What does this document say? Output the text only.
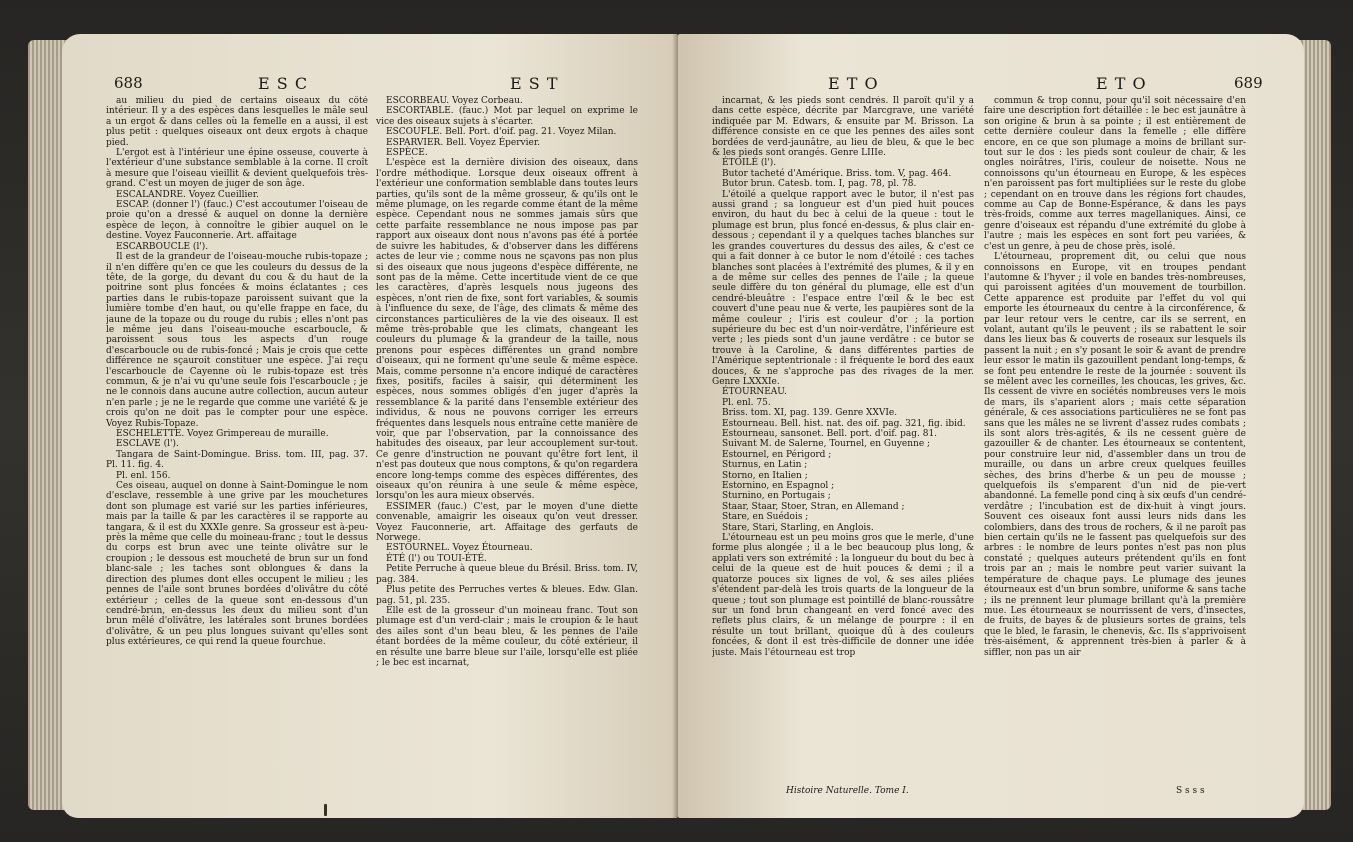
688	E S C	E S T

au milieu du pied de certains oiseaux du côté intérieur. Il y a des espèces dans lesquelles le mâle seul a un ergot & dans celles où la femelle en a aussi, il est plus petit : quelques oiseaux ont deux ergots à chaque pied.

L'ergot est à l'intérieur une épine osseuse, couverte à l'extérieur d'une substance semblable à la corne. Il croît à mesure que l'oiseau vieillit & devient quelquefois très-grand. C'est un moyen de juger de son âge.

ESCALANDRE. Voyez Cueillier.

ESCAP. (donner l') (fauc.) C'est accoutumer l'oiseau de proie qu'on a dressé & auquel on donne la dernière espèce de leçon, à connoître le gibier auquel on le destine. Voyez Fauconnerie. Art. affaitage

ESCARBOUCLE (l').

Il est de la grandeur de l'oiseau-mouche rubis-topaze ; il n'en diffère qu'en ce que les couleurs du dessus de la tête, de la gorge, du devant du cou & du haut de la poitrine sont plus foncées & moins éclatantes ; ces parties dans le rubis-topaze paroissent suivant que la lumière tombe d'en haut, ou qu'elle frappe en face, du jaune de la topaze ou du rouge du rubis ; elles n'ont pas le même jeu dans l'oiseau-mouche escarboucle, & paroissent sous tous les aspects d'un rouge d'escarboucle ou de rubis-foncé ; Mais je crois que cette différence ne sçauroit constituer une espèce. J'ai reçu l'escarboucle de Cayenne où le rubis-topaze est très commun, & je n'ai vu qu'une seule fois l'escarboucle ; je ne le connois dans aucune autre collection, aucun auteur n'en parle ; je ne le regarde que comme une variété & je crois qu'on ne doit pas le compter pour une espèce. Voyez Rubis-Topaze.

ESCHELETTE. Voyez Grimpereau de muraille.

ESCLAVE (l').

Tangara de Saint-Domingue. Briss. tom. III, pag. 37. Pl. 11. fig. 4.

Pl. enl. 156.

Ces oiseau, auquel on donne à Saint-Domingue le nom d'esclave, ressemble à une grive par les mouchetures dont son plumage est varié sur les parties inférieures, mais par la taille & par les caractères il se rapporte au tangara, & il est du XXXIe genre. Sa grosseur est à-peu-près la même que celle du moineau-franc ; tout le dessus du corps est brun avec une teinte olivâtre sur le croupion ; le dessous est moucheté de brun sur un fond blanc-sale ; les taches sont oblongues & dans la direction des plumes dont elles occupent le milieu ; les pennes de l'aile sont brunes bordées d'olivâtre du côté extérieur ; celles de la queue sont en-dessous d'un cendré-brun, en-dessus les deux du milieu sont d'un brun mêlé d'olivâtre, les latérales sont brunes bordées d'olivâtre, & un peu plus longues suivant qu'elles sont plus extérieures, ce qui rend la queue fourchue.

ESCORBEAU. Voyez Corbeau.

ESCORTABLE. (fauc.) Mot par lequel on exprime le vice des oiseaux sujets à s'écarter.

ESCOUFLE. Bell. Port. d'oif. pag. 21. Voyez Milan.

ESPARVIER. Bell. Voyez Épervier.

ESPÈCE.

L'espèce est la dernière division des oiseaux, dans l'ordre méthodique. Lorsque deux oiseaux offrent à l'extérieur une conformation semblable dans toutes leurs parties, qu'ils sont de la même grosseur, & qu'ils ont le même plumage, on les regarde comme étant de la même espèce. Cependant nous ne sommes jamais sûrs que cette parfaite ressemblance ne nous impose pas par rapport aux oiseaux dont nous n'avons pas été à portée de suivre les habitudes, & d'observer dans les différens actes de leur vie ; comme nous ne sçavons pas non plus si des oiseaux que nous jugeons d'espèce différente, ne sont pas de la même. Cette incertitude vient de ce que les caractères, d'après lesquels nous jugeons des espèces, n'ont rien de fixe, sont fort variables, & soumis à l'influence du sexe, de l'âge, des climats & même des circonstances particulières de la vie des oiseaux. Il est même très-probable que les climats, changeant les couleurs du plumage & la grandeur de la taille, nous prenons pour espèces différentes un grand nombre d'oiseaux, qui ne forment qu'une seule & même espèce. Mais, comme personne n'a encore indiqué de caractères fixes, positifs, faciles à saisir, qui déterminent les espèces, nous sommes obligés d'en juger d'après la ressemblance & la parité dans l'ensemble extérieur des individus, & nous ne pouvons corriger les erreurs fréquentes dans lesquels nous entraîne cette manière de voir, que par l'observation, par la connoissance des habitudes des oiseaux, par leur accouplement sur-tout. Ce genre d'instruction ne pouvant qu'être fort lent, il n'est pas douteux que nous comptons, & qu'on regardera encore long-temps comme des espèces différentes, des oiseaux qu'on réunira à une seule & même espèce, lorsqu'on les aura mieux observés.

ESSIMER (fauc.) C'est, par le moyen d'une diette convenable, amaigrir les oiseaux qu'on veut dresser. Voyez Fauconnerie, art. Affaitage des gerfauts de Norwege.

ESTOURNEL. Voyez Étourneau.

ÉTÉ (l') ou TOUI-ÉTÉ.

Petite Perruche à queue bleue du Brésil. Briss. tom. IV, pag. 384.

Plus petite des Perruches vertes & bleues. Edw. Glan. pag. 51, pl. 235.

Elle est de la grosseur d'un moineau franc. Tout son plumage est d'un verd-clair ; mais le croupion & le haut des ailes sont d'un beau bleu, & les pennes de l'aile étant bordées de la même couleur, du côté extérieur, il en résulte une barre bleue sur l'aile, lorsqu'elle est pliée ; le bec est incarnat,

E T O	E T O	689

incarnat, & les pieds sont cendrés. Il paroît qu'il y a dans cette espèce, décrite par Marcgrave, une variété indiquée par M. Edwars, & ensuite par M. Brisson. La différence consiste en ce que les pennes des ailes sont bordées de verd-jaunâtre, au lieu de bleu, & que le bec & les pieds sont orangés. Genre LIIIe.

ÉTOILÉ (l').

Butor tacheté d'Amérique. Briss. tom. V, pag. 464.

Butor brun. Catesb. tom. I, pag. 78, pl. 78.

L'étoilé a quelque rapport avec le butor, il n'est pas aussi grand ; sa longueur est d'un pied huit pouces environ, du haut du bec à celui de la queue : tout le plumage est brun, plus foncé en-dessus, & plus clair en-dessous ; cependant il y a quelques taches blanches sur les grandes couvertures du dessus des ailes, & c'est ce qui a fait donner à ce butor le nom d'étoilé : ces taches blanches sont placées à l'extrémité des plumes, & il y en a de même sur celles des pennes de l'aile ; la queue seule diffère du ton général du plumage, elle est d'un cendré-bleuâtre : l'espace entre l'œil & le bec est couvert d'une peau nue & verte, les paupières sont de la même couleur ; l'iris est couleur d'or ; la portion supérieure du bec est d'un noir-verdâtre, l'inférieure est verte ; les pieds sont d'un jaune verdâtre : ce butor se trouve à la Caroline, & dans différentes parties de l'Amérique septentrionale : il fréquente le bord des eaux douces, & ne s'approche pas des rivages de la mer. Genre LXXXIe.

ÉTOURNEAU.

Pl. enl. 75.

Briss. tom. XI, pag. 139. Genre XXVIe.

Estourneau. Bell. hist. nat. des oif. pag. 321, fig. ibid.

Estourneau, sansonet. Bell. port. d'oif. pag. 81.

Suivant M. de Salerne, Tournel, en Guyenne ;

Estournel, en Périgord ;

Sturnus, en Latin ;

Storno, en Italien ;

Estornino, en Espagnol ;

Sturnino, en Portugais ;

Staar, Staar, Stoer, Stran, en Allemand ;

Stare, en Suédois ;

Stare, Stari, Starling, en Anglois.

L'étourneau est un peu moins gros que le merle, d'une forme plus alongée ; il a le bec beaucoup plus long, & applati vers son extrémité : la longueur du bout du bec à celui de la queue est de huit pouces & demi ; il a quatorze pouces six lignes de vol, & ses ailes pliées s'étendent par-delà les trois quarts de la longueur de la queue ; tout son plumage est pointillé de blanc-roussâtre sur un fond brun changeant en verd foncé avec des reflets plus clairs, & un mélange de pourpre : il en résulte un tout brillant, quoique dû à des couleurs foncées, & dont il est très-difficile de donner une idée juste. Mais l'étourneau est trop

Histoire Naturelle. Tome I.

commun & trop connu, pour qu'il soit nécessaire d'en faire une description fort détaillée : le bec est jaunâtre à son origine & brun à sa pointe ; il est entièrement de cette dernière couleur dans la femelle ; elle diffère encore, en ce que son plumage a moins de brillant sur-tout sur le dos : les pieds sont couleur de chair, & les ongles noirâtres, l'iris, couleur de noisette. Nous ne connoissons qu'un étourneau en Europe, & les espèces n'en paroissent pas fort multipliées sur le reste du globe ; cependant on en trouve dans les régions fort chaudes, comme au Cap de Bonne-Espérance, & dans les pays très-froids, comme aux terres magellaniques. Ainsi, ce genre d'oiseaux est répandu d'une extrémité du globe à l'autre ; mais les espèces en sont fort peu variées, & c'est un genre, à peu de chose près, isolé.

L'étourneau, proprement dit, ou celui que nous connoissons en Europe, vit en troupes pendant l'automne & l'hyver ; il vole en bandes très-nombreuses, qui paroissent agitées d'un mouvement de tourbillon. Cette apparence est produite par l'effet du vol qui emporte les étourneaux du centre à la circonférence, & par leur retour vers le centre, car ils se serrent, en volant, autant qu'ils le peuvent ; ils se rabattent le soir dans les lieux bas & couverts de roseaux sur lesquels ils passent la nuit ; en s'y posant le soir & avant de prendre leur essor le matin ils gazouillent pendant long-temps, & se font peu entendre le reste de la journée : souvent ils se mêlent avec les corneilles, les choucas, les grives, &c. Ils cessent de vivre en sociétés nombreuses vers le mois de mars, ils s'aparient alors ; mais cette séparation générale, & ces associations particulières ne se font pas sans que les mâles ne se livrent d'assez rudes combats ; ils sont alors très-agités, & ils ne cessent guère de gazouiller & de chanter. Les étourneaux se contentent, pour construire leur nid, d'assembler dans un trou de muraille, ou dans un arbre creux quelques feuilles sèches, des brins d'herbe & un peu de mousse ; quelquefois ils s'emparent d'un nid de pie-vert abandonné. La femelle pond cinq à six œufs d'un cendré-verdâtre ; l'incubation est de dix-huit à vingt jours. Souvent ces oiseaux font aussi leurs nids dans les colombiers, dans des trous de rochers, & il ne paroît pas bien certain qu'ils ne le fassent pas quelquefois sur des arbres : le nombre de leurs pontes n'est pas non plus constaté ; quelques auteurs prétendent qu'ils en font trois par an ; mais le nombre peut varier suivant la température de chaque pays. Le plumage des jeunes étourneaux est d'un brun sombre, uniforme & sans tache ; ils ne prennent leur plumage brillant qu'à la première mue. Les étourneaux se nourrissent de vers, d'insectes, de fruits, de bayes & de plusieurs sortes de grains, tels que le bled, le farasin, le chenevis, &c. Ils s'apprivoisent très-aisément, & apprennent très-bien à parler & à siffler, non pas un air

S s s s
